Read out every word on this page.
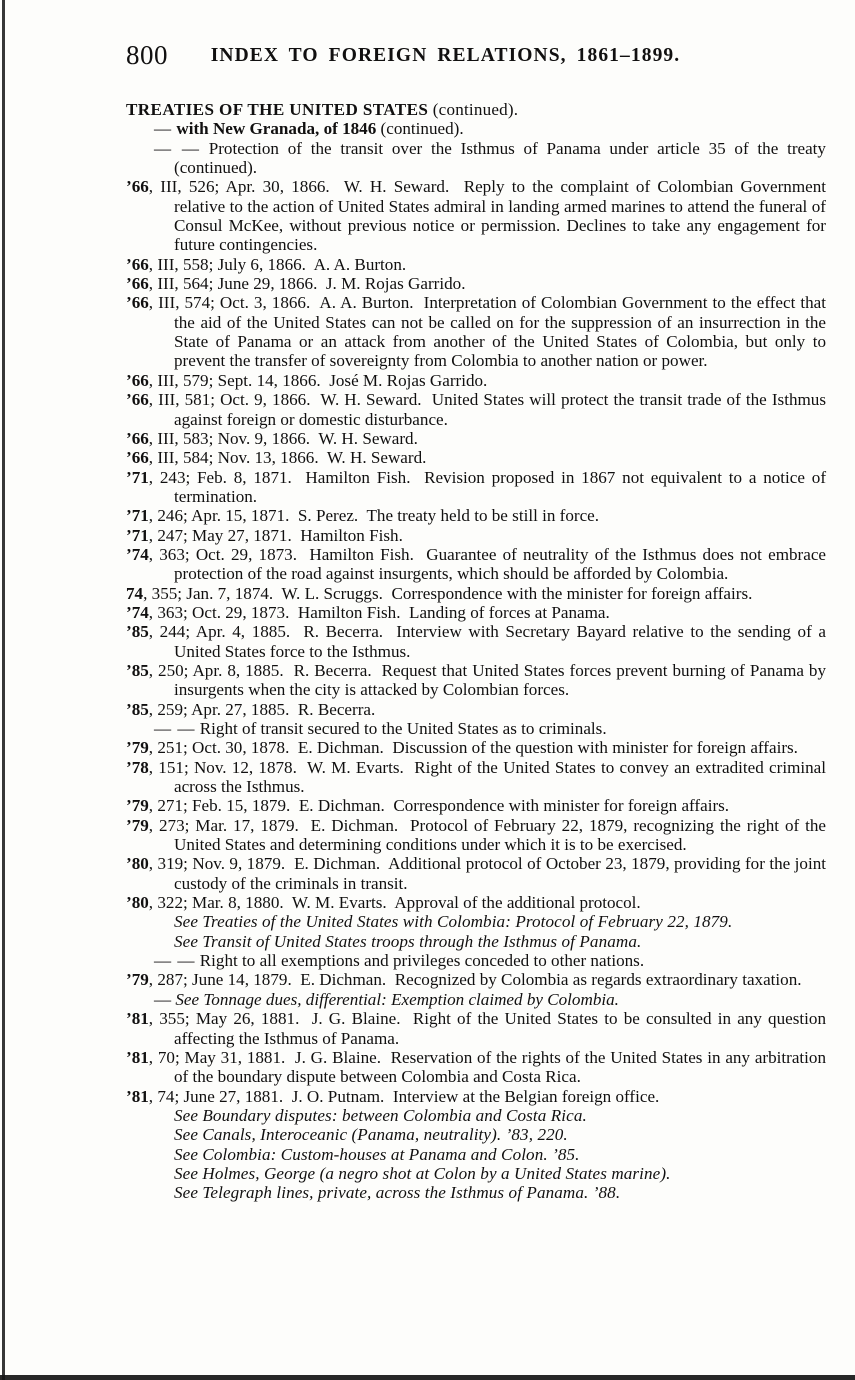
800	INDEX TO FOREIGN RELATIONS, 1861–1899.

TREATIES OF THE UNITED STATES (continued).

— with New Granada, of 1846 (continued).

— — Protection of the transit over the Isthmus of Panama under article 35 of the treaty (continued).

’66, III, 526; Apr. 30, 1866. W. H. Seward. Reply to the complaint of Colombian Government relative to the action of United States admiral in landing armed marines to attend the funeral of Consul McKee, without previous notice or permission. Declines to take any engagement for future contingencies.

’66, III, 558; July 6, 1866. A. A. Burton.

’66, III, 564; June 29, 1866. J. M. Rojas Garrido.

’66, III, 574; Oct. 3, 1866. A. A. Burton. Interpretation of Colombian Government to the effect that the aid of the United States can not be called on for the suppression of an insurrection in the State of Panama or an attack from another of the United States of Colombia, but only to prevent the transfer of sovereignty from Colombia to another nation or power.

’66, III, 579; Sept. 14, 1866. José M. Rojas Garrido.

’66, III, 581; Oct. 9, 1866. W. H. Seward. United States will protect the transit trade of the Isthmus against foreign or domestic disturbance.

’66, III, 583; Nov. 9, 1866. W. H. Seward.

’66, III, 584; Nov. 13, 1866. W. H. Seward.

’71, 243; Feb. 8, 1871. Hamilton Fish. Revision proposed in 1867 not equivalent to a notice of termination.

’71, 246; Apr. 15, 1871. S. Perez. The treaty held to be still in force.

’71, 247; May 27, 1871. Hamilton Fish.

’74, 363; Oct. 29, 1873. Hamilton Fish. Guarantee of neutrality of the Isthmus does not embrace protection of the road against insurgents, which should be afforded by Colombia.

74, 355; Jan. 7, 1874. W. L. Scruggs. Correspondence with the minister for foreign affairs.

’74, 363; Oct. 29, 1873. Hamilton Fish. Landing of forces at Panama.

’85, 244; Apr. 4, 1885. R. Becerra. Interview with Secretary Bayard relative to the sending of a United States force to the Isthmus.

’85, 250; Apr. 8, 1885. R. Becerra. Request that United States forces prevent burning of Panama by insurgents when the city is attacked by Colombian forces.

’85, 259; Apr. 27, 1885. R. Becerra.

— — Right of transit secured to the United States as to criminals.

’79, 251; Oct. 30, 1878. E. Dichman. Discussion of the question with minister for foreign affairs.

’78, 151; Nov. 12, 1878. W. M. Evarts. Right of the United States to convey an extradited criminal across the Isthmus.

’79, 271; Feb. 15, 1879. E. Dichman. Correspondence with minister for foreign affairs.

’79, 273; Mar. 17, 1879. E. Dichman. Protocol of February 22, 1879, recognizing the right of the United States and determining conditions under which it is to be exercised.

’80, 319; Nov. 9, 1879. E. Dichman. Additional protocol of October 23, 1879, providing for the joint custody of the criminals in transit.

’80, 322; Mar. 8, 1880. W. M. Evarts. Approval of the additional protocol.

See Treaties of the United States with Colombia: Protocol of February 22, 1879.

See Transit of United States troops through the Isthmus of Panama.

— — Right to all exemptions and privileges conceded to other nations.

’79, 287; June 14, 1879. E. Dichman. Recognized by Colombia as regards extraordinary taxation.

— See Tonnage dues, differential: Exemption claimed by Colombia.

’81, 355; May 26, 1881. J. G. Blaine. Right of the United States to be consulted in any question affecting the Isthmus of Panama.

’81, 70; May 31, 1881. J. G. Blaine. Reservation of the rights of the United States in any arbitration of the boundary dispute between Colombia and Costa Rica.

’81, 74; June 27, 1881. J. O. Putnam. Interview at the Belgian foreign office.

See Boundary disputes: between Colombia and Costa Rica.

See Canals, Interoceanic (Panama, neutrality). ’83, 220.

See Colombia: Custom-houses at Panama and Colon. ’85.

See Holmes, George (a negro shot at Colon by a United States marine).

See Telegraph lines, private, across the Isthmus of Panama. ’88.
